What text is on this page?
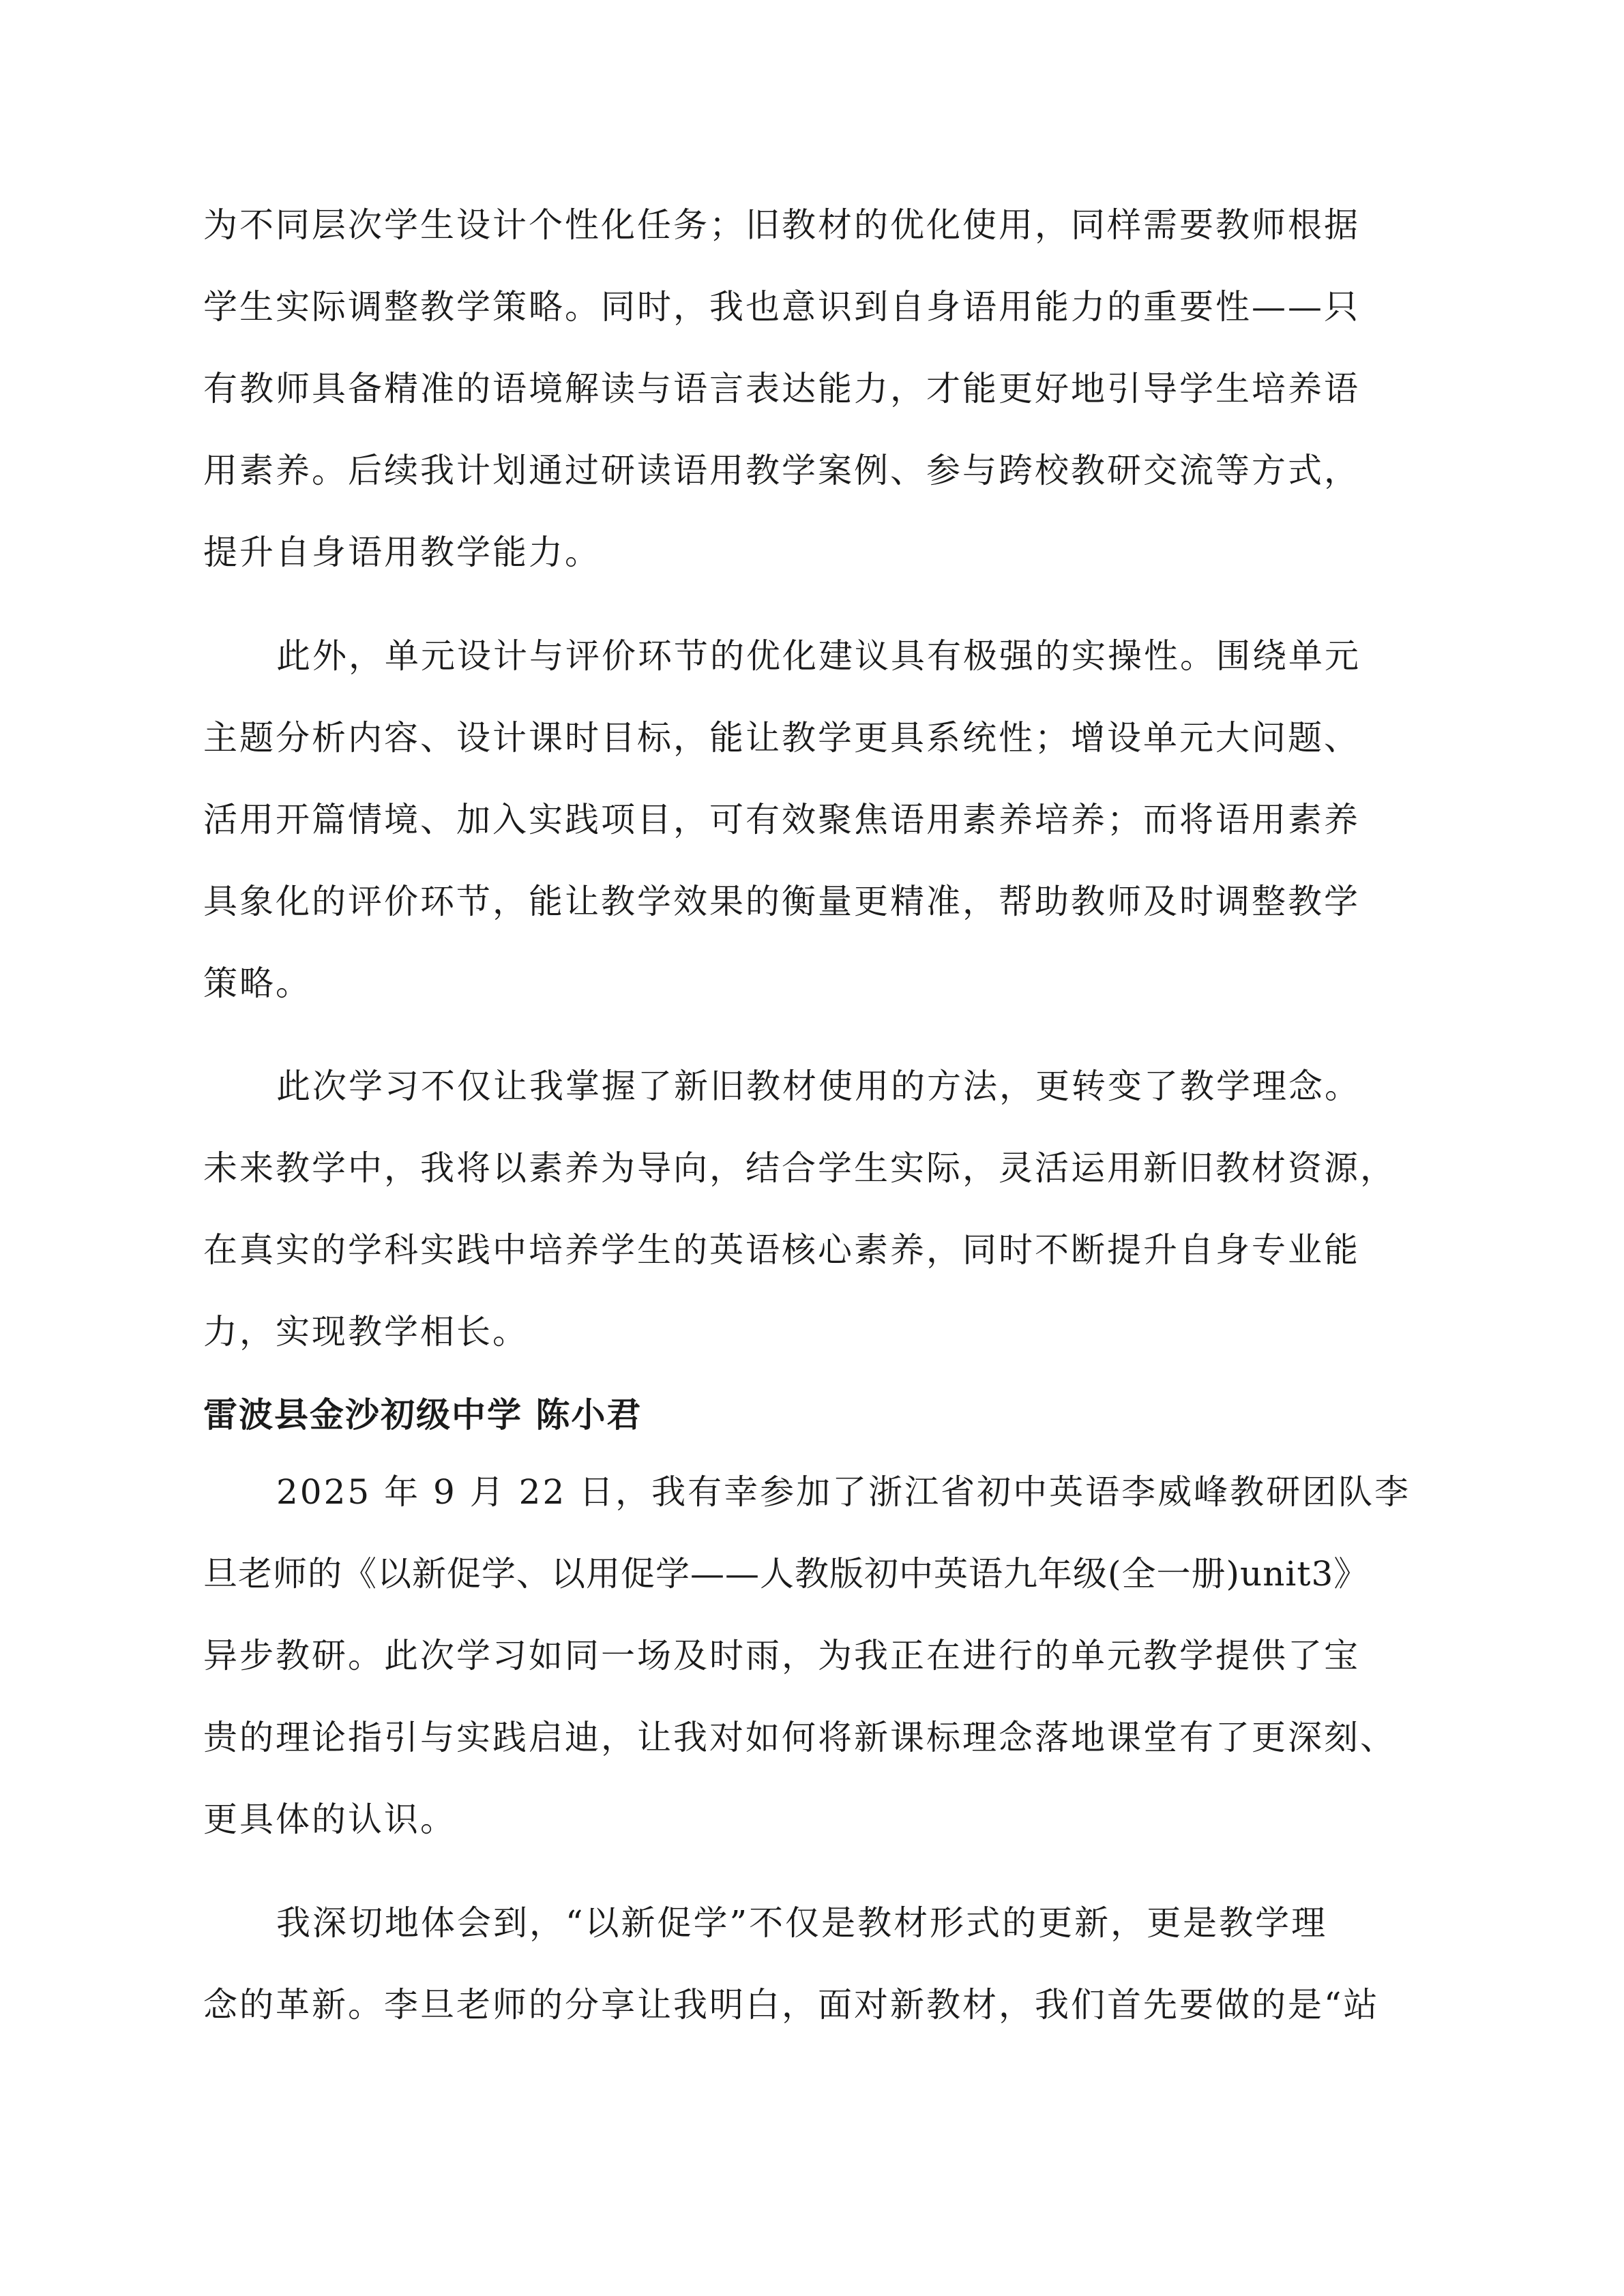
为不同层次学生设计个性化任务；旧教材的优化使用，同样需要教师根据
学生实际调整教学策略。同时，我也意识到自身语用能力的重要性——只
有教师具备精准的语境解读与语言表达能力，才能更好地引导学生培养语
用素养。后续我计划通过研读语用教学案例、参与跨校教研交流等方式，
提升自身语用教学能力。
此外，单元设计与评价环节的优化建议具有极强的实操性。围绕单元
主题分析内容、设计课时目标，能让教学更具系统性；增设单元大问题、
活用开篇情境、加入实践项目，可有效聚焦语用素养培养；而将语用素养
具象化的评价环节，能让教学效果的衡量更精准，帮助教师及时调整教学
策略。
此次学习不仅让我掌握了新旧教材使用的方法，更转变了教学理念。
未来教学中，我将以素养为导向，结合学生实际，灵活运用新旧教材资源，
在真实的学科实践中培养学生的英语核心素养，同时不断提升自身专业能
力，实现教学相长。
雷波县金沙初级中学 陈小君
2025 年 9 月 22 日，我有幸参加了浙江省初中英语李威峰教研团队李
旦老师的《以新促学、以用促学——人教版初中英语九年级(全一册)unit3》
异步教研。此次学习如同一场及时雨，为我正在进行的单元教学提供了宝
贵的理论指引与实践启迪，让我对如何将新课标理念落地课堂有了更深刻、
更具体的认识。
我深切地体会到，“以新促学”不仅是教材形式的更新，更是教学理
念的革新。李旦老师的分享让我明白，面对新教材，我们首先要做的是“站
